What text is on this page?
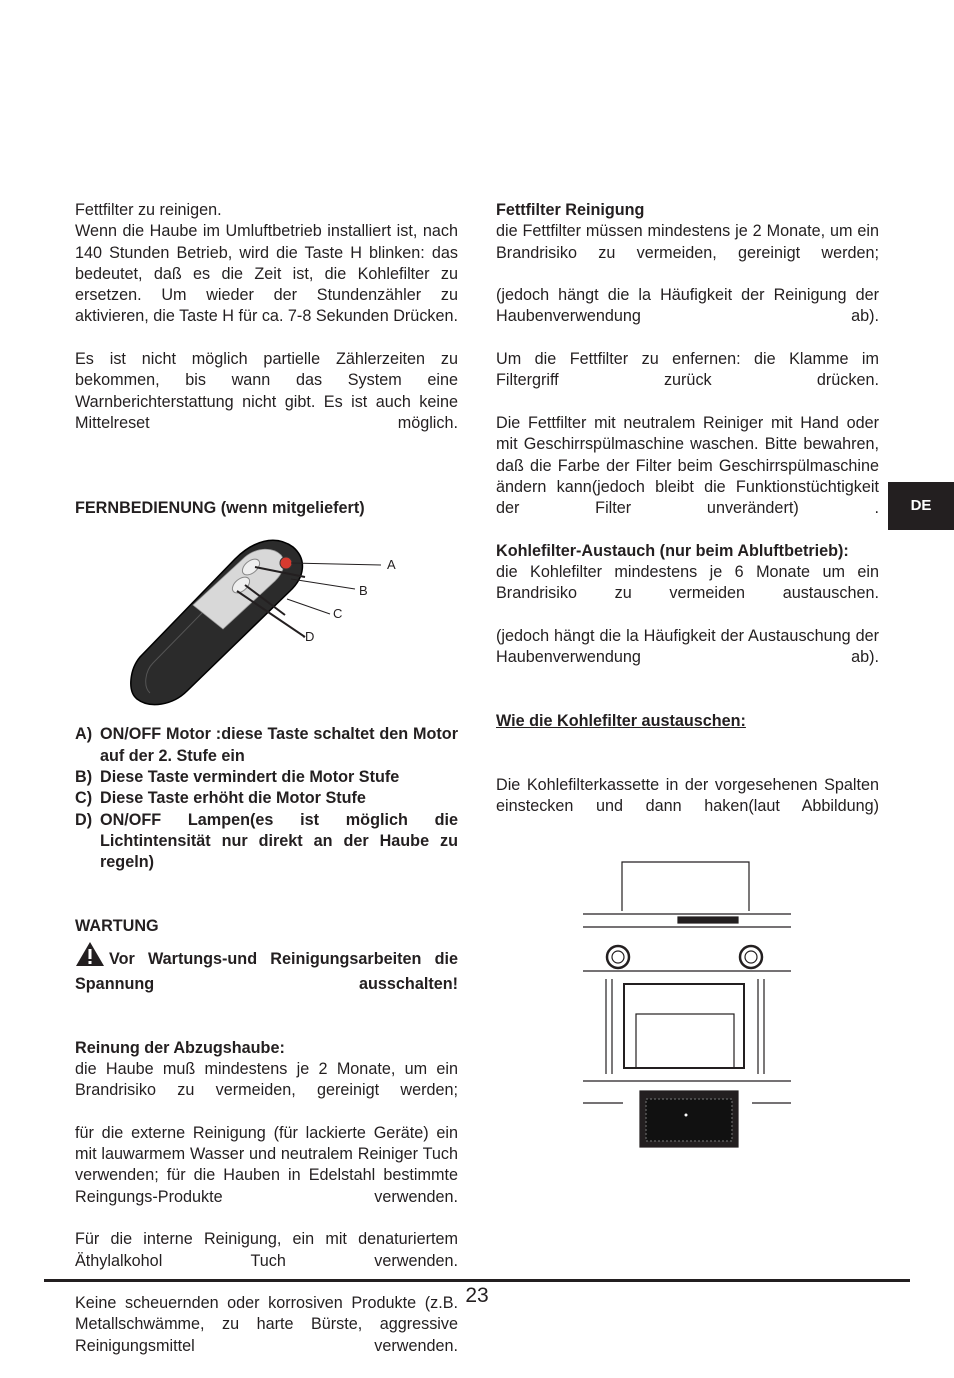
Fettfilter zu reinigen.

Wenn die Haube im Umluftbetrieb installiert ist, nach 140 Stunden Betrieb, wird die Taste H blinken: das bedeutet, daß es die Zeit ist, die Kohlefilter zu ersetzen. Um wieder der Stundenzähler zu aktivieren, die Taste H für ca. 7-8 Sekunden Drücken.

Es ist nicht möglich partielle Zählerzeiten zu bekommen, bis wann das System eine Warnberichterstattung nicht gibt. Es ist auch keine Mittelreset möglich.

FERNBEDIENUNG (wenn mitgeliefert)

A
B
C
D
A) ON/OFF Motor :diese Taste schaltet den Motor auf der 2. Stufe ein
B) Diese Taste vermindert die Motor Stufe
C) Diese Taste erhöht die Motor Stufe
D) ON/OFF Lampen(es ist möglich die Lichtintensität nur direkt an der Haube zu regeln)

WARTUNG

Vor Wartungs-und Reinigungsarbeiten die Spannung ausschalten!

Reinung der Abzugshaube:

die Haube muß mindestens je 2 Monate, um ein Brandrisiko zu vermeiden, gereinigt werden;

für die externe Reinigung (für lackierte Geräte) ein mit lauwarmem Wasser und neutralem Reiniger Tuch verwenden; für die Hauben in Edelstahl bestimmte Reingungs-Produkte verwenden.

Für die interne Reinigung, ein mit denaturiertem Äthylalkohol Tuch verwenden.

Keine scheuernden oder korrosiven Produkte (z.B. Metallschwämme, zu harte Bürste, aggressive Reinigungsmittel verwenden.

Fettfilter Reinigung

die Fettfilter müssen mindestens je 2 Monate, um ein Brandrisiko zu vermeiden, gereinigt werden;

(jedoch hängt die la Häufigkeit der Reinigung der Haubenverwendung ab).

Um die Fettfilter zu enfernen: die Klamme im Filtergriff zurück drücken.

Die Fettfilter mit neutralem Reiniger mit Hand oder mit Geschirrspülmaschine waschen. Bitte bewahren, daß die Farbe der Filter beim Geschirrspülmaschine ändern kann(jedoch bleibt die Funktionstüchtigkeit der Filter unverändert) .

Kohlefilter-Austauch (nur beim Abluftbetrieb):

die Kohlefilter mindestens je 6 Monate um ein Brandrisiko zu vermeiden austauschen.

(jedoch hängt die la Häufigkeit der Austauschung der Haubenverwendung ab).

Wie die Kohlefilter austauschen:

Die Kohlefilterkassette in der vorgesehenen Spalten einstecken und dann haken(laut Abbildung)

DE
23
